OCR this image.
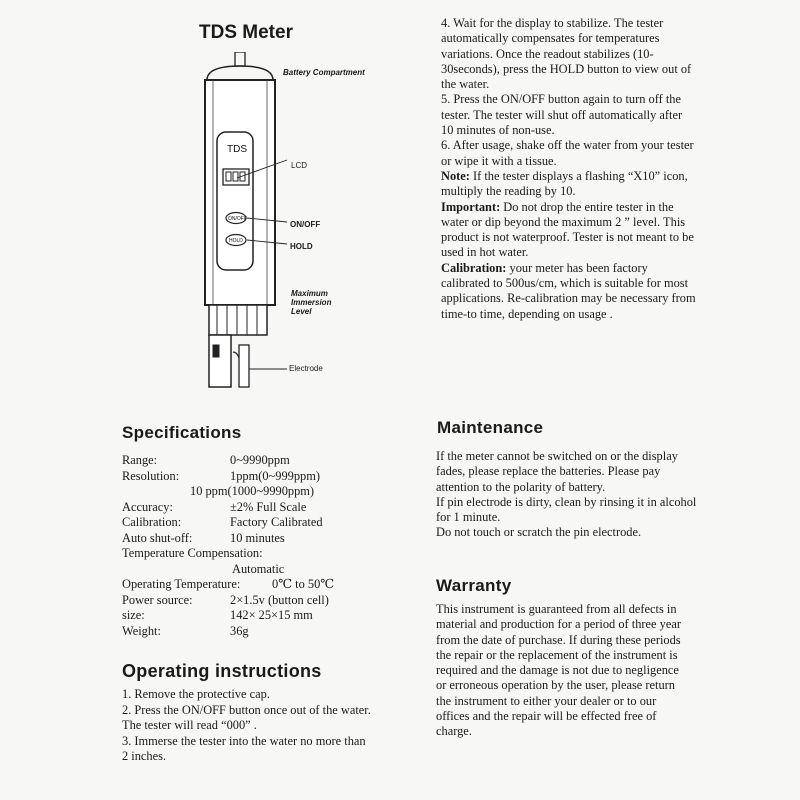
TDS Meter
TDS
ON/OFF
HOLD
Battery Compartment
LCD
ON/OFF
HOLD
Maximum Immersion Level
Electrode
Specifications
Range:	0~9990ppm
Resolution:	1ppm(0~999ppm)
10 ppm(1000~9990ppm)
Accuracy:	±2% Full Scale
Calibration:	Factory Calibrated
Auto shut-off:	10 minutes
Temperature Compensation:
Automatic
Operating Temperature:	0℃ to 50℃
Power source:	2×1.5v (button cell)
size:	142× 25×15 mm
Weight:	36g
Operating instructions

1. Remove the protective cap.

2. Press the ON/OFF button once out of the water. The tester will read “000” .

3. Immerse the tester into the water no more than 2 inches.

4. Wait for the display to stabilize. The tester automatically compensates for temperatures variations. Once the readout stabilizes (10-30seconds), press the HOLD button to view out of the water.

5. Press the ON/OFF button again to turn off the tester. The tester will shut off automatically after 10 minutes of non-use.

6. After usage, shake off the water from your tester or wipe it with a tissue.

Note: If the tester displays a flashing “X10” icon, multiply the reading by 10.

Important: Do not drop the entire tester in the water or dip beyond the maximum 2 ” level. This product is not waterproof. Tester is not meant to be used in hot water.

Calibration: your meter has been factory calibrated to 500us/cm, which is suitable for most applications. Re-calibration may be necessary from time-to time, depending on usage .

Maintenance

If the meter cannot be switched on or the display fades, please replace the batteries. Please pay attention to the polarity of battery.

If pin electrode is dirty, clean by rinsing it in alcohol for 1 minute.

Do not touch or scratch the pin electrode.

Warranty
This instrument is guaranteed from all defects in material and production for a period of three year from the date of purchase. If during these periods the repair or the replacement of the instrument is required and the damage is not due to negligence or erroneous operation by the user, please return the instrument to either your dealer or to our offices and the repair will be effected free of charge.
